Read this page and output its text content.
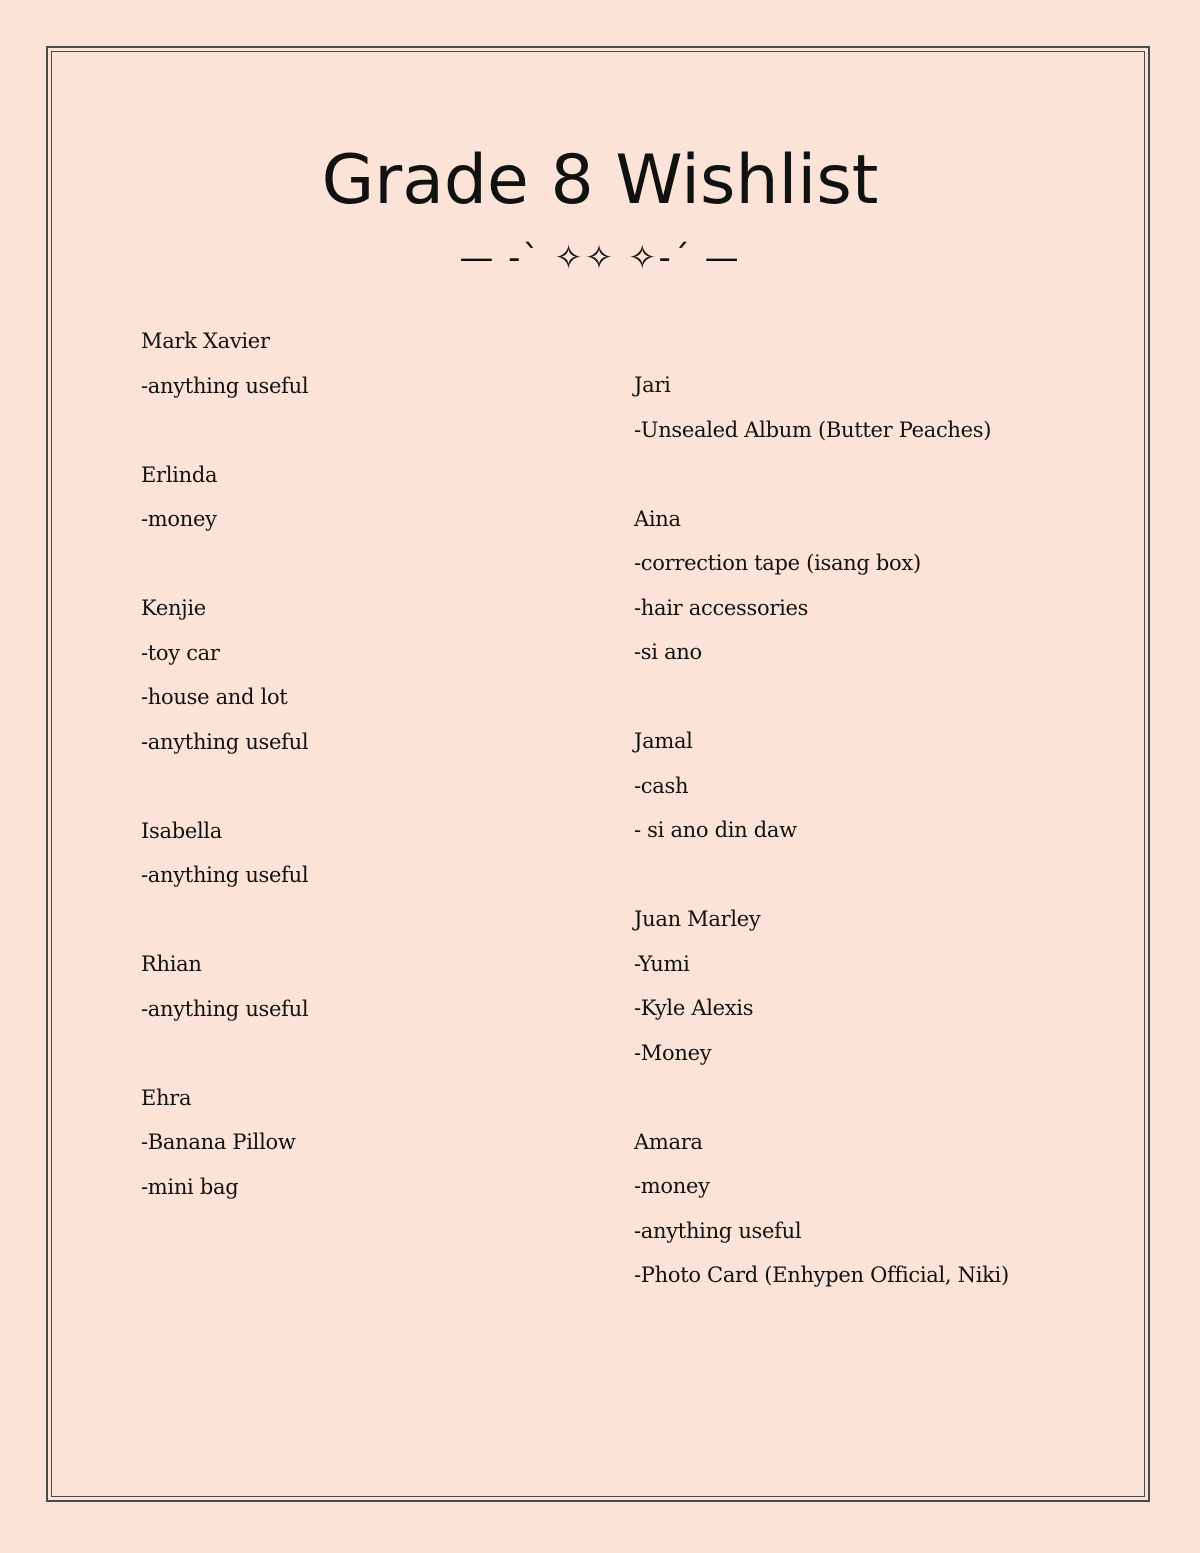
Grade 8 Wishlist
— -` ✧✧ ✧-´ —
Mark Xavier
-anything useful
Erlinda
-money
Kenjie
-toy car
-house and lot
-anything useful
Isabella
-anything useful
Rhian
-anything useful
Ehra
-Banana Pillow
-mini bag
Jari
-Unsealed Album (Butter Peaches)
Aina
-correction tape (isang box)
-hair accessories
-si ano
Jamal
-cash
- si ano din daw
Juan Marley
-Yumi
-Kyle Alexis
-Money
Amara
-money
-anything useful
-Photo Card (Enhypen Official, Niki)
